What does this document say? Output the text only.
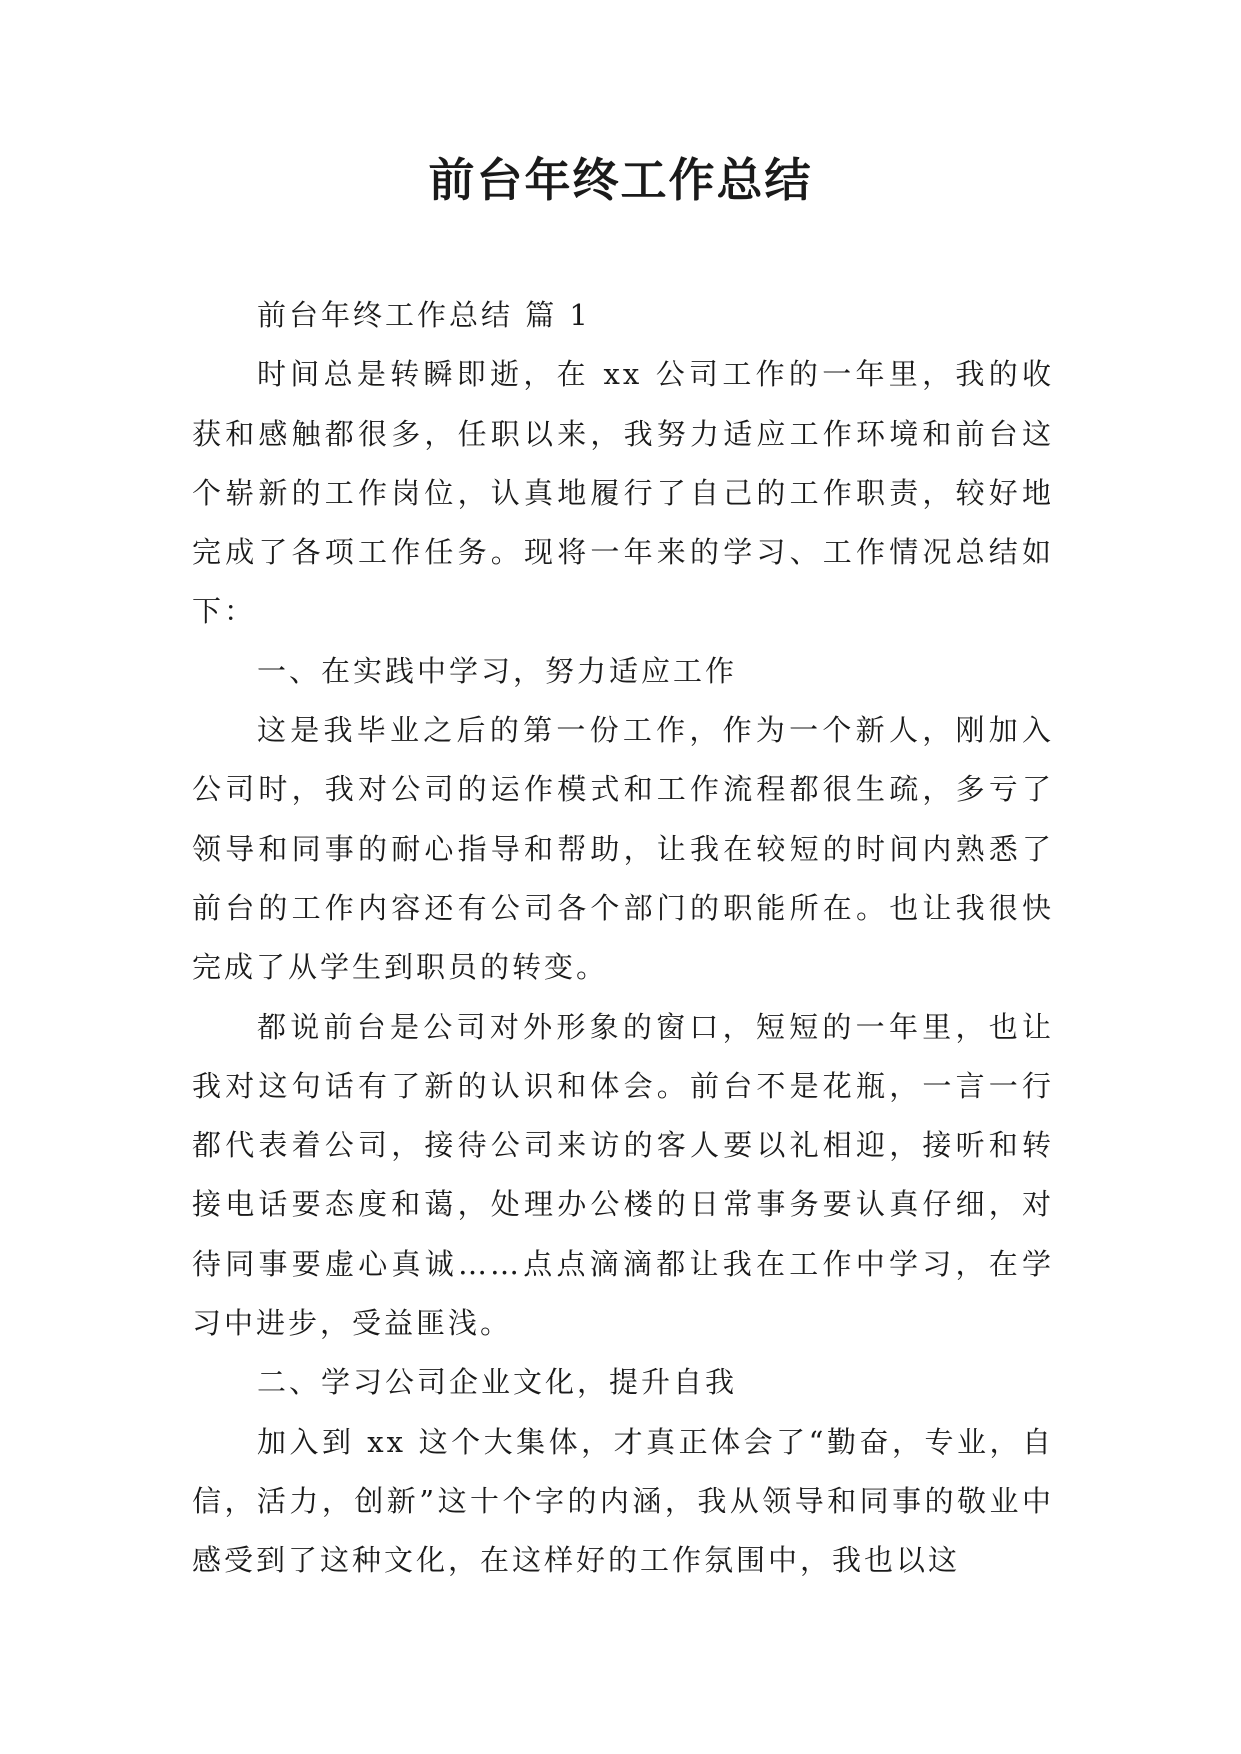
前台年终工作总结

前台年终工作总结 篇 1

时间总是转瞬即逝，在 xx 公司工作的一年里，我的收获和感触都很多，任职以来，我努力适应工作环境和前台这个崭新的工作岗位，认真地履行了自己的工作职责，较好地完成了各项工作任务。现将一年来的学习、工作情况总结如下：

一、在实践中学习，努力适应工作

这是我毕业之后的第一份工作，作为一个新人，刚加入公司时，我对公司的运作模式和工作流程都很生疏，多亏了领导和同事的耐心指导和帮助，让我在较短的时间内熟悉了前台的工作内容还有公司各个部门的职能所在。也让我很快完成了从学生到职员的转变。

都说前台是公司对外形象的窗口，短短的一年里，也让我对这句话有了新的认识和体会。前台不是花瓶，一言一行都代表着公司，接待公司来访的客人要以礼相迎，接听和转接电话要态度和蔼，处理办公楼的日常事务要认真仔细，对待同事要虚心真诚……点点滴滴都让我在工作中学习，在学习中进步，受益匪浅。

二、学习公司企业文化，提升自我

加入到 xx 这个大集体，才真正体会了“勤奋，专业，自信，活力，创新”这十个字的内涵，我从领导和同事的敬业中感受到了这种文化，在这样好的工作氛围中，我也以这
